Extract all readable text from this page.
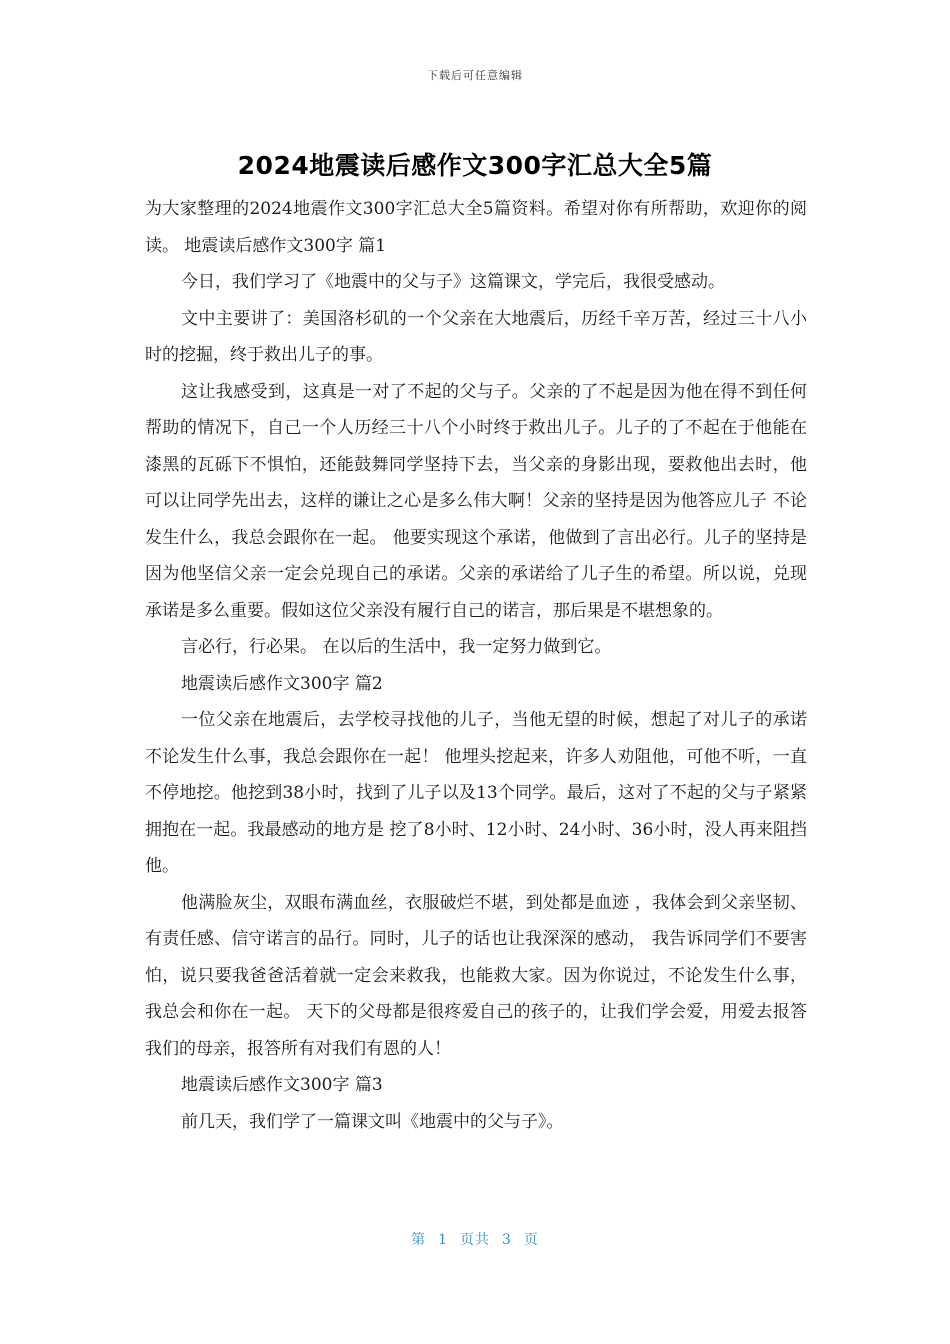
下载后可任意编辑
2024地震读后感作文300字汇总大全5篇

为大家整理的2024地震作文300字汇总大全5篇资料。希望对你有所帮助，欢迎你的阅读。 地震读后感作文300字 篇1

今日，我们学习了《地震中的父与子》这篇课文，学完后，我很受感动。

文中主要讲了：美国洛杉矶的一个父亲在大地震后，历经千辛万苦，经过三十八小时的挖掘，终于救出儿子的事。

这让我感受到，这真是一对了不起的父与子。父亲的了不起是因为他在得不到任何帮助的情况下，自己一个人历经三十八个小时终于救出儿子。儿子的了不起在于他能在漆黑的瓦砾下不惧怕，还能鼓舞同学坚持下去，当父亲的身影出现，要救他出去时，他可以让同学先出去，这样的谦让之心是多么伟大啊！父亲的坚持是因为他答应儿子 不论发生什么，我总会跟你在一起。 他要实现这个承诺，他做到了言出必行。儿子的坚持是因为他坚信父亲一定会兑现自己的承诺。父亲的承诺给了儿子生的希望。所以说，兑现承诺是多么重要。假如这位父亲没有履行自己的诺言，那后果是不堪想象的。

言必行，行必果。 在以后的生活中，我一定努力做到它。

地震读后感作文300字 篇2

一位父亲在地震后，去学校寻找他的儿子，当他无望的时候，想起了对儿子的承诺 不论发生什么事，我总会跟你在一起！ 他埋头挖起来，许多人劝阻他，可他不听，一直不停地挖。他挖到38小时，找到了儿子以及13个同学。最后，这对了不起的父与子紧紧拥抱在一起。我最感动的地方是 挖了8小时、12小时、24小时、36小时，没人再来阻挡他。

他满脸灰尘，双眼布满血丝，衣服破烂不堪，到处都是血迹 ，我体会到父亲坚韧、有责任感、信守诺言的品行。同时，儿子的话也让我深深的感动， 我告诉同学们不要害怕，说只要我爸爸活着就一定会来救我，也能救大家。因为你说过，不论发生什么事，我总会和你在一起。 天下的父母都是很疼爱自己的孩子的，让我们学会爱，用爱去报答我们的母亲，报答所有对我们有恩的人！

地震读后感作文300字 篇3

前几天，我们学了一篇课文叫《地震中的父与子》。

第 1 页共 3 页
